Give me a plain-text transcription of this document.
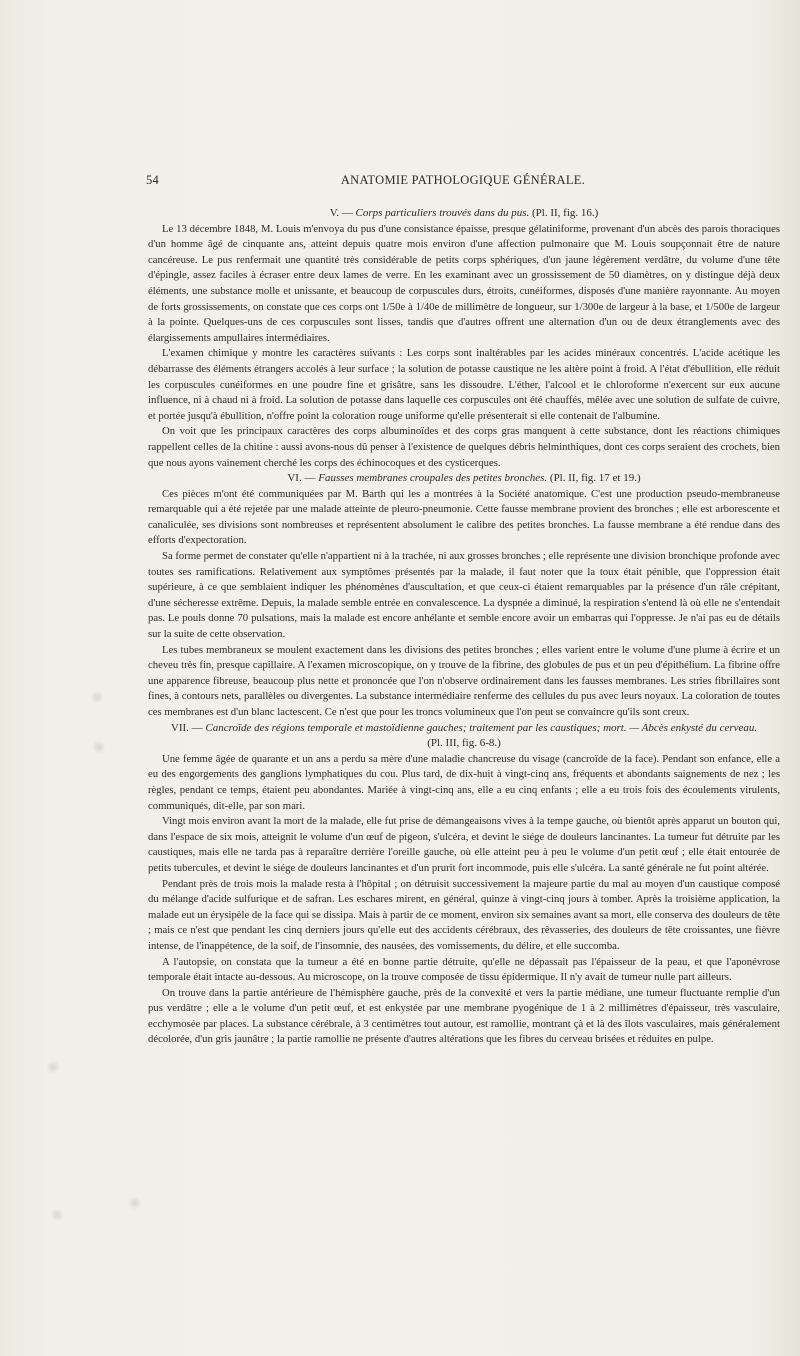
54	ANATOMIE PATHOLOGIQUE GÉNÉRALE.

V. — Corps particuliers trouvés dans du pus. (Pl. II, fig. 16.)

Le 13 décembre 1848, M. Louis m'envoya du pus d'une consistance épaisse, presque gélatiniforme, provenant d'un abcès des parois thoraciques d'un homme âgé de cinquante ans, atteint depuis quatre mois environ d'une affection pulmonaire que M. Louis soupçonnait être de nature cancéreuse. Le pus renfermait une quantité très considérable de petits corps sphériques, d'un jaune légèrement verdâtre, du volume d'une tête d'épingle, assez faciles à écraser entre deux lames de verre. En les examinant avec un grossissement de 50 diamètres, on y distingue déjà deux éléments, une substance molle et unissante, et beaucoup de corpuscules durs, étroits, cunéiformes, disposés d'une manière rayonnante. Au moyen de forts grossissements, on constate que ces corps ont 1/50e à 1/40e de millimètre de longueur, sur 1/300e de largeur à la base, et 1/500e de largeur à la pointe. Quelques-uns de ces corpuscules sont lisses, tandis que d'autres offrent une alternation d'un ou de deux étranglements avec des élargissements ampullaires intermédiaires.

L'examen chimique y montre les caractères suivants : Les corps sont inaltérables par les acides minéraux concentrés. L'acide acétique les débarrasse des éléments étrangers accolés à leur surface ; la solution de potasse caustique ne les altère point à froid. A l'état d'ébullition, elle réduit les corpuscules cunéiformes en une poudre fine et grisâtre, sans les dissoudre. L'éther, l'alcool et le chloroforme n'exercent sur eux aucune influence, ni à chaud ni à froid. La solution de potasse dans laquelle ces corpuscules ont été chauffés, mêlée avec une solution de sulfate de cuivre, et portée jusqu'à ébullition, n'offre point la coloration rouge uniforme qu'elle présenterait si elle contenait de l'albumine.

On voit que les principaux caractères des corps albuminoïdes et des corps gras manquent à cette substance, dont les réactions chimiques rappellent celles de la chitine : aussi avons-nous dû penser à l'existence de quelques débris helminthiques, dont ces corps seraient des crochets, bien que nous ayons vainement cherché les corps des échinocoques et des cysticerques.

VI. — Fausses membranes croupales des petites bronches. (Pl. II, fig. 17 et 19.)

Ces pièces m'ont été communiquées par M. Barth qui les a montrées à la Société anatomique. C'est une production pseudo-membraneuse remarquable qui a été rejetée par une malade atteinte de pleuro-pneumonie. Cette fausse membrane provient des bronches ; elle est arborescente et canaliculée, ses divisions sont nombreuses et représentent absolument le calibre des petites bronches. La fausse membrane a été rendue dans des efforts d'expectoration.

Sa forme permet de constater qu'elle n'appartient ni à la trachée, ni aux grosses bronches ; elle représente une division bronchique profonde avec toutes ses ramifications. Relativement aux symptômes présentés par la malade, il faut noter que la toux était pénible, que l'oppression était supérieure, à ce que semblaient indiquer les phénomènes d'auscultation, et que ceux-ci étaient remarquables par la présence d'un râle crépitant, d'une sécheresse extrême. Depuis, la malade semble entrée en convalescence. La dyspnée a diminué, la respiration s'entend là où elle ne s'entendait pas. Le pouls donne 70 pulsations, mais la malade est encore anhélante et semble encore avoir un embarras qui l'oppresse. Je n'ai pas eu de détails sur la suite de cette observation.

Les tubes membraneux se moulent exactement dans les divisions des petites bronches ; elles varient entre le volume d'une plume à écrire et un cheveu très fin, presque capillaire. A l'examen microscopique, on y trouve de la fibrine, des globules de pus et un peu d'épithélium. La fibrine offre une apparence fibreuse, beaucoup plus nette et prononcée que l'on n'observe ordinairement dans les fausses membranes. Les stries fibrillaires sont fines, à contours nets, parallèles ou divergentes. La substance intermédiaire renferme des cellules du pus avec leurs noyaux. La coloration de toutes ces membranes est d'un blanc lactescent. Ce n'est que pour les troncs volumineux que l'on peut se convaincre qu'ils sont creux.

VII. — Cancroïde des régions temporale et mastoïdienne gauches; traitement par les caustiques; mort. — Abcès enkysté du cerveau.
(Pl. III, fig. 6-8.)

Une femme âgée de quarante et un ans a perdu sa mère d'une maladie chancreuse du visage (cancroïde de la face). Pendant son enfance, elle a eu des engorgements des ganglions lymphatiques du cou. Plus tard, de dix-huit à vingt-cinq ans, fréquents et abondants saignements de nez ; les règles, pendant ce temps, étaient peu abondantes. Mariée à vingt-cinq ans, elle a eu cinq enfants ; elle a eu trois fois des écoulements virulents, communiqués, dit-elle, par son mari.

Vingt mois environ avant la mort de la malade, elle fut prise de démangeaisons vives à la tempe gauche, où bientôt après apparut un bouton qui, dans l'espace de six mois, atteignit le volume d'un œuf de pigeon, s'ulcéra, et devint le siége de douleurs lancinantes. La tumeur fut détruite par les caustiques, mais elle ne tarda pas à reparaître derrière l'oreille gauche, où elle atteint peu à peu le volume d'un petit œuf ; elle était entourée de petits tubercules, et devint le siége de douleurs lancinantes et d'un prurit fort incommode, puis elle s'ulcéra. La santé générale ne fut point altérée.

Pendant près de trois mois la malade resta à l'hôpital ; on détruisit successivement la majeure partie du mal au moyen d'un caustique composé du mélange d'acide sulfurique et de safran. Les eschares mirent, en général, quinze à vingt-cinq jours à tomber. Après la troisième application, la malade eut un érysipèle de la face qui se dissipa. Mais à partir de ce moment, environ six semaines avant sa mort, elle conserva des douleurs de tête ; mais ce n'est que pendant les cinq derniers jours qu'elle eut des accidents cérébraux, des rêvasseries, des douleurs de tête croissantes, une fièvre intense, de l'inappétence, de la soif, de l'insomnie, des nausées, des vomissements, du délire, et elle succomba.

A l'autopsie, on constata que la tumeur a été en bonne partie détruite, qu'elle ne dépassait pas l'épaisseur de la peau, et que l'aponévrose temporale était intacte au-dessous. Au microscope, on la trouve composée de tissu épidermique. Il n'y avait de tumeur nulle part ailleurs.

On trouve dans la partie antérieure de l'hémisphère gauche, près de la convexité et vers la partie médiane, une tumeur fluctuante remplie d'un pus verdâtre ; elle a le volume d'un petit œuf, et est enkystée par une membrane pyogénique de 1 à 2 millimètres d'épaisseur, très vasculaire, ecchymosée par places. La substance cérébrale, à 3 centimètres tout autour, est ramollie, montrant çà et là des îlots vasculaires, mais généralement décolorée, d'un gris jaunâtre ; la partie ramollie ne présente d'autres altérations que les fibres du cerveau brisées et réduites en pulpe.
